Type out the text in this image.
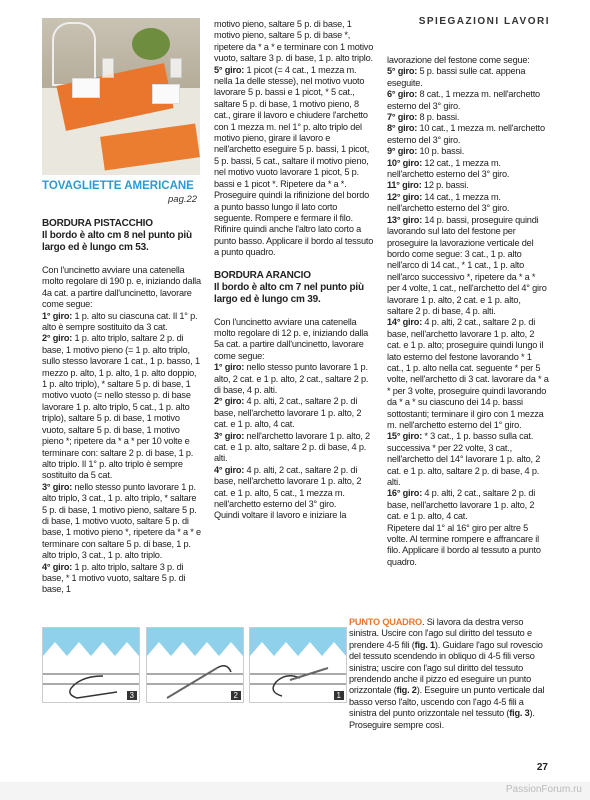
SPIEGAZIONI LAVORI
TOVAGLIETTE AMERICANE
pag.22
BORDURA PISTACCHIO
Il bordo è alto cm 8 nel punto più largo ed è lungo cm 53.

Con l'uncinetto avviare una catenella molto regolare di 190 p. e, iniziando dalla 4a cat. a partire dall'uncinetto, lavorare come segue:

1° giro: 1 p. alto su ciascuna cat. Il 1° p. alto è sempre sostituito da 3 cat.

2° giro: 1 p. alto triplo, saltare 2 p. di base, 1 motivo pieno (= 1 p. alto triplo, sullo stesso lavorare 1 cat., 1 p. basso, 1 mezzo p. alto, 1 p. alto, 1 p. alto doppio, 1 p. alto triplo), * saltare 5 p. di base, 1 motivo vuoto (= nello stesso p. di base lavorare 1 p. alto triplo, 5 cat., 1 p. alto triplo), saltare 5 p. di base, 1 motivo vuoto, saltare 5 p. di base, 1 motivo pieno *; ripetere da * a * per 10 volte e terminare con: saltare 2 p. di base, 1 p. alto triplo. Il 1° p. alto triplo è sempre sostituito da 5 cat.

3° giro: nello stesso punto lavorare 1 p. alto triplo, 3 cat., 1 p. alto triplo, * saltare 5 p. di base, 1 motivo pieno, saltare 5 p. di base, 1 motivo vuoto, saltare 5 p. di base, 1 motivo pieno *, ripetere da * a * e terminare con saltare 5 p. di base, 1 p. alto triplo, 3 cat., 1 p. alto triplo.

4° giro: 1 p. alto triplo, saltare 3 p. di base, * 1 motivo vuoto, saltare 5 p. di base, 1

motivo pieno, saltare 5 p. di base, 1 motivo pieno, saltare 5 p. di base *, ripetere da * a * e terminare con 1 motivo vuoto, saltare 3 p. di base, 1 p. alto triplo.
5° giro: 1 picot (= 4 cat., 1 mezza m. nella 1a delle stesse), nel motivo vuoto lavorare 5 p. bassi e 1 picot, * 5 cat., saltare 5 p. di base, 1 motivo pieno, 8 cat., girare il lavoro e chiudere l'archetto con 1 mezza m. nel 1° p. alto triplo del motivo pieno, girare il lavoro e nell'archetto eseguire 5 p. bassi, 1 picot, 5 p. bassi, 5 cat., saltare il motivo pieno, nel motivo vuoto lavorare 1 picot, 5 p. bassi e 1 picot *. Ripetere da * a *. Proseguire quindi la rifinizione del bordo a punto basso lungo il lato corto seguente. Rompere e fermare il filo.
Rifinire quindi anche l'altro lato corto a punto basso. Applicare il bordo al tessuto a punto quadro.

BORDURA ARANCIO
Il bordo è alto cm 7 nel punto più largo ed è lungo cm 39.

Con l'uncinetto avviare una catenella molto regolare di 12 p. e, iniziando dalla 5a cat. a partire dall'uncinetto, lavorare come segue:

1° giro: nello stesso punto lavorare 1 p. alto, 2 cat. e 1 p. alto, 2 cat., saltare 2 p. di base, 4 p. alti.

2° giro: 4 p. alti, 2 cat., saltare 2 p. di base, nell'archetto lavorare 1 p. alto, 2 cat. e 1 p. alto, 4 cat.

3° giro: nell'archetto lavorare 1 p. alto, 2 cat. e 1 p. alto, saltare 2 p. di base, 4 p. alti.

4° giro: 4 p. alti, 2 cat., saltare 2 p. di base, nell'archetto lavorare 1 p. alto, 2 cat. e 1 p. alto, 5 cat., 1 mezza m. nell'archetto esterno del 3° giro.

Quindi voltare il lavoro e iniziare la

lavorazione del festone come segue:

5° giro: 5 p. bassi sulle cat. appena eseguite.

6° giro: 8 cat., 1 mezza m. nell'archetto esterno del 3° giro.

7° giro: 8 p. bassi.

8° giro: 10 cat., 1 mezza m. nell'archetto esterno del 3° giro.

9° giro: 10 p. bassi.

10° giro: 12 cat., 1 mezza m. nell'archetto esterno del 3° giro.

11° giro: 12 p. bassi.

12° giro: 14 cat., 1 mezza m. nell'archetto esterno del 3° giro.

13° giro: 14 p. bassi, proseguire quindi lavorando sul lato del festone per proseguire la lavorazione verticale del bordo come segue: 3 cat., 1 p. alto nell'arco di 14 cat., * 1 cat., 1 p. alto nell'arco successivo *, ripetere da * a * per 4 volte, 1 cat., nell'archetto del 4° giro lavorare 1 p. alto, 2 cat. e 1 p. alto, saltare 2 p. di base, 4 p. alti.

14° giro: 4 p. alti, 2 cat., saltare 2 p. di base, nell'archetto lavorare 1 p. alto, 2 cat. e 1 p. alto; proseguire quindi lungo il lato esterno del festone lavorando * 1 cat., 1 p. alto nella cat. seguente * per 5 volte, nell'archetto di 3 cat. lavorare da * a * per 3 volte, proseguire quindi lavorando da * a * su ciascuno dei 14 p. bassi sottostanti; terminare il giro con 1 mezza m. nell'archetto esterno del 1° giro.

15° giro: * 3 cat., 1 p. basso sulla cat. successiva * per 22 volte, 3 cat., nell'archetto del 14° lavorare 1 p. alto, 2 cat. e 1 p. alto, saltare 2 p. di base, 4 p. alti.

16° giro: 4 p. alti, 2 cat., saltare 2 p. di base, nell'archetto lavorare 1 p. alto, 2 cat. e 1 p. alto, 4 cat.

Ripetere dal 1° al 16° giro per altre 5 volte. Al termine rompere e affrancare il filo. Applicare il bordo al tessuto a punto quadro.

3	2	1
PUNTO QUADRO. Si lavora da destra verso sinistra. Uscire con l'ago sul diritto del tessuto e prendere 4-5 fili (fig. 1). Guidare l'ago sul rovescio del tessuto scendendo in obliquo di 4-5 fili verso sinistra; uscire con l'ago sul diritto del tessuto prendendo anche il pizzo ed eseguire un punto orizzontale (fig. 2). Eseguire un punto verticale dal basso verso l'alto, uscendo con l'ago 4-5 fili a sinistra del punto orizzontale nel tessuto (fig. 3). Proseguire sempre così.
27
PassionForum.ru
